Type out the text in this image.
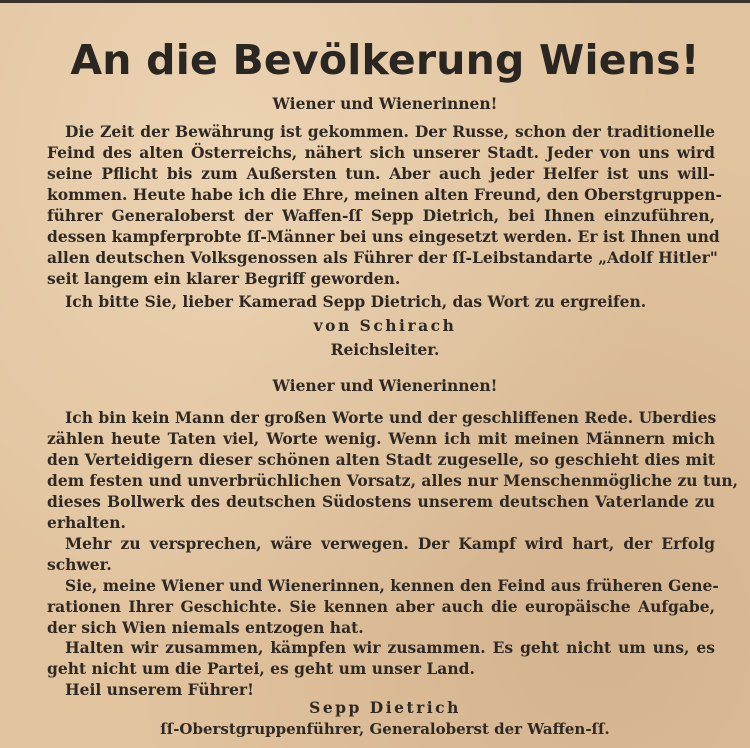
An die Bevölkerung Wiens!
Wiener und Wienerinnen!
Die Zeit der Bewährung ist gekommen. Der Russe, schon der traditionelle
Feind des alten Österreichs, nähert sich unserer Stadt. Jeder von uns wird
seine Pflicht bis zum Außersten tun. Aber auch jeder Helfer ist uns will-
kommen. Heute habe ich die Ehre, meinen alten Freund, den Oberstgruppen-
führer Generaloberst der Waffen-ſſ Sepp Dietrich, bei Ihnen einzuführen,
dessen kampferprobte ſſ-Männer bei uns eingesetzt werden. Er ist Ihnen und
allen deutschen Volksgenossen als Führer der ſſ-Leibstandarte „Adolf Hitler"
seit langem ein klarer Begriff geworden.
Ich bitte Sie, lieber Kamerad Sepp Dietrich, das Wort zu ergreifen.
von Schirach
Reichsleiter.
Wiener und Wienerinnen!
Ich bin kein Mann der großen Worte und der geschliffenen Rede. Uberdies
zählen heute Taten viel, Worte wenig. Wenn ich mit meinen Männern mich
den Verteidigern dieser schönen alten Stadt zugeselle, so geschieht dies mit
dem festen und unverbrüchlichen Vorsatz, alles nur Menschenmögliche zu tun,
dieses Bollwerk des deutschen Südostens unserem deutschen Vaterlande zu
erhalten.
Mehr zu versprechen, wäre verwegen. Der Kampf wird hart, der Erfolg
schwer.
Sie, meine Wiener und Wienerinnen, kennen den Feind aus früheren Gene-
rationen Ihrer Geschichte. Sie kennen aber auch die europäische Aufgabe,
der sich Wien niemals entzogen hat.
Halten wir zusammen, kämpfen wir zusammen. Es geht nicht um uns, es
geht nicht um die Partei, es geht um unser Land.
Heil unserem Führer!
Sepp Dietrich
ſſ-Oberstgruppenführer, Generaloberst der Waffen-ſſ.
